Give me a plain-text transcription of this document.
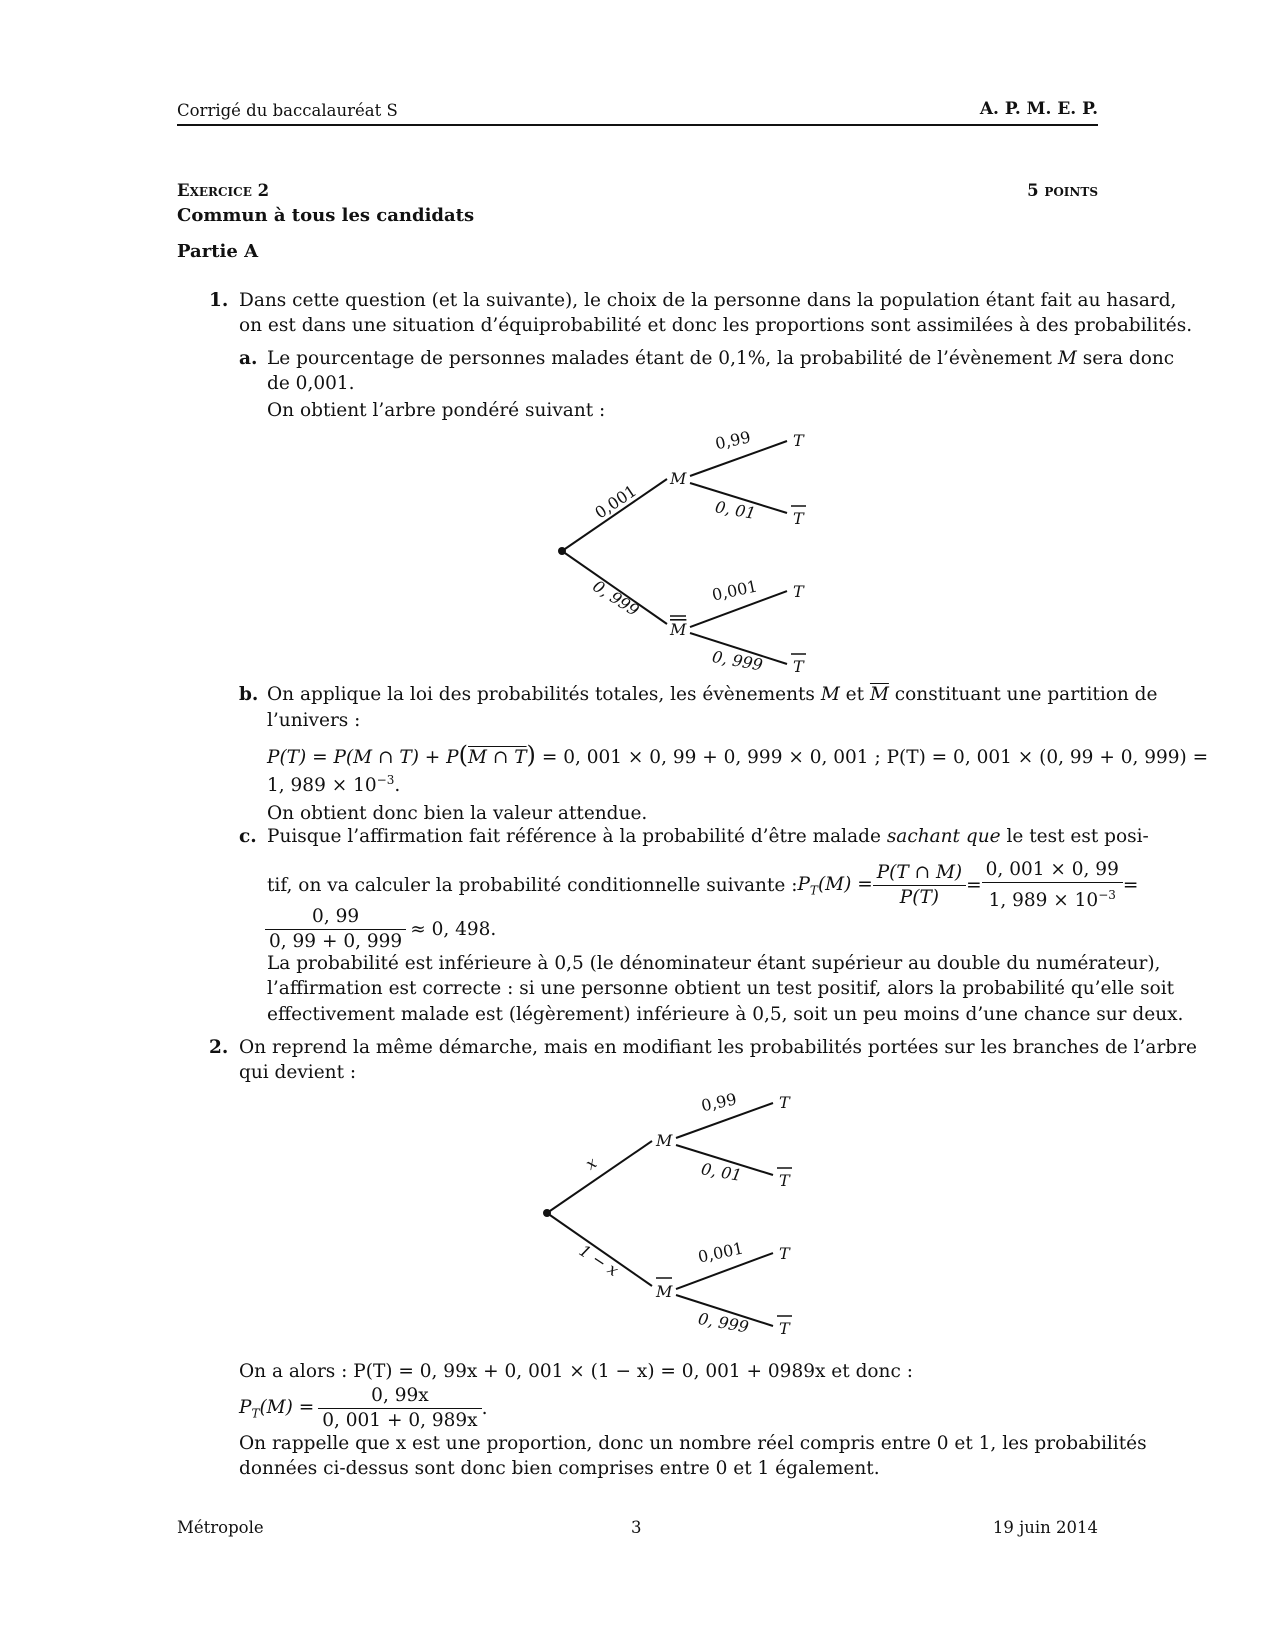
Corrigé du baccalauréat S	A. P. M. E. P.
Exercice 2	5 points
Commun à tous les candidats
Partie A
1. Dans cette question (et la suivante), le choix de la personne dans la population étant fait au hasard,
on est dans une situation d’équiprobabilité et donc les proportions sont assimilées à des probabilités.
a. Le pourcentage de personnes malades étant de 0,1%, la probabilité de l’évènement M sera donc
de 0,001.
On obtient l’arbre pondéré suivant :
0,001
0, 999
M
M
0,99
0, 01
0,001
0, 999
T
T
T
T
x
1 − x
M
M
0,99
0, 01
0,001
0, 999
T
T
T
T
b. On applique la loi des probabilités totales, les évènements M et $\overline{M}$ constituant une partition de
l’univers :
P(T) = P(M ∩ T) + P(M ∩ T) = 0, 001 × 0, 99 + 0, 999 × 0, 001 ; P(T) = 0, 001 × (0, 99 + 0, 999) =
1, $989 \times 10^{-3}$.
On obtient donc bien la valeur attendue.
c. Puisque l’affirmation fait référence à la probabilité d’être malade sachant que le test est posi-
tif, on va calculer la probabilité conditionnelle suivante : $P_T(M) = \frac{P(T \cap M)}{P(T)} = \frac{0, 001 \times 0, 99}{1, 989 \times 10^{-3}}$ =
$\frac{0, 99}{0, 99 + 0, 999} \approx 0$, 498.
La probabilité est inférieure à 0,5 (le dénominateur étant supérieur au double du numérateur),
l’affirmation est correcte : si une personne obtient un test positif, alors la probabilité qu’elle soit
effectivement malade est (légèrement) inférieure à 0,5, soit un peu moins d’une chance sur deux.
2. On reprend la même démarche, mais en modifiant les probabilités portées sur les branches de l’arbre
qui devient :
On a alors : P(T) = 0, 99x + 0, 001 × (1 − x) = 0, 001 + 0989x et donc :
$P_T(M) = \frac{0, 99x}{0, 001 + 0, 989x}$ .
On rappelle que x est une proportion, donc un nombre réel compris entre 0 et 1, les probabilités
données ci-dessus sont donc bien comprises entre 0 et 1 également.
Métropole	3	19 juin 2014
